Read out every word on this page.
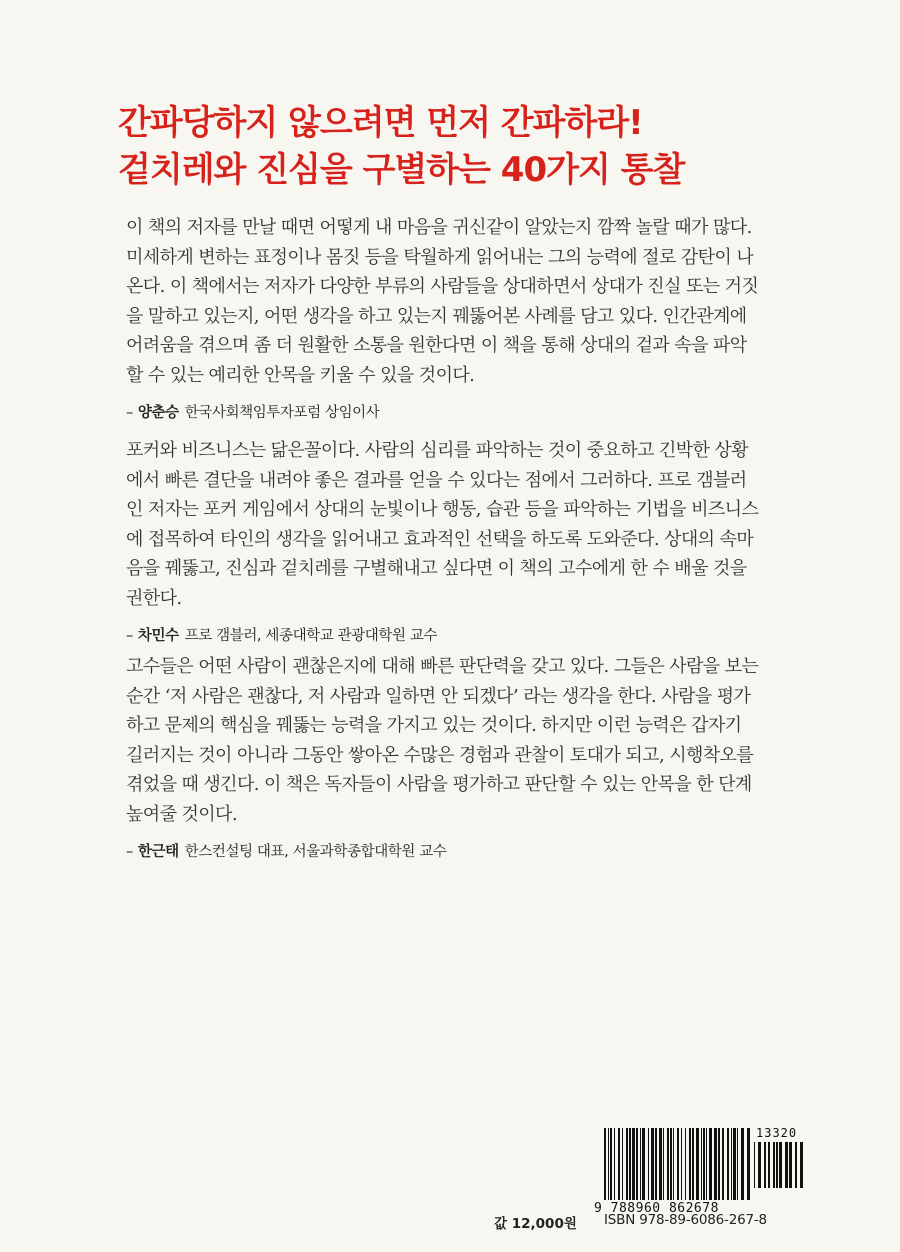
간파당하지 않으려면 먼저 간파하라!
겉치레와 진심을 구별하는 40가지 통찰
이 책의 저자를 만날 때면 어떻게 내 마음을 귀신같이 알았는지 깜짝 놀랄 때가 많다.
미세하게 변하는 표정이나 몸짓 등을 탁월하게 읽어내는 그의 능력에 절로 감탄이 나
온다. 이 책에서는 저자가 다양한 부류의 사람들을 상대하면서 상대가 진실 또는 거짓
을 말하고 있는지, 어떤 생각을 하고 있는지 꿰뚫어본 사례를 담고 있다. 인간관계에
어려움을 겪으며 좀 더 원활한 소통을 원한다면 이 책을 통해 상대의 겉과 속을 파악
할 수 있는 예리한 안목을 키울 수 있을 것이다.
– 양춘승 한국사회책임투자포럼 상임이사
포커와 비즈니스는 닮은꼴이다. 사람의 심리를 파악하는 것이 중요하고 긴박한 상황
에서 빠른 결단을 내려야 좋은 결과를 얻을 수 있다는 점에서 그러하다. 프로 갬블러
인 저자는 포커 게임에서 상대의 눈빛이나 행동, 습관 등을 파악하는 기법을 비즈니스
에 접목하여 타인의 생각을 읽어내고 효과적인 선택을 하도록 도와준다. 상대의 속마
음을 꿰뚫고, 진심과 겉치레를 구별해내고 싶다면 이 책의 고수에게 한 수 배울 것을
권한다.
– 차민수 프로 갬블러, 세종대학교 관광대학원 교수
고수들은 어떤 사람이 괜찮은지에 대해 빠른 판단력을 갖고 있다. 그들은 사람을 보는
순간 ‘저 사람은 괜찮다, 저 사람과 일하면 안 되겠다’ 라는 생각을 한다. 사람을 평가
하고 문제의 핵심을 꿰뚫는 능력을 가지고 있는 것이다. 하지만 이런 능력은 갑자기
길러지는 것이 아니라 그동안 쌓아온 수많은 경험과 관찰이 토대가 되고, 시행착오를
겪었을 때 생긴다. 이 책은 독자들이 사람을 평가하고 판단할 수 있는 안목을 한 단계
높여줄 것이다.
– 한근태 한스컨설팅 대표, 서울과학종합대학원 교수
13320
9 788960 862678
값 12,000원 ISBN 978-89-6086-267-8
